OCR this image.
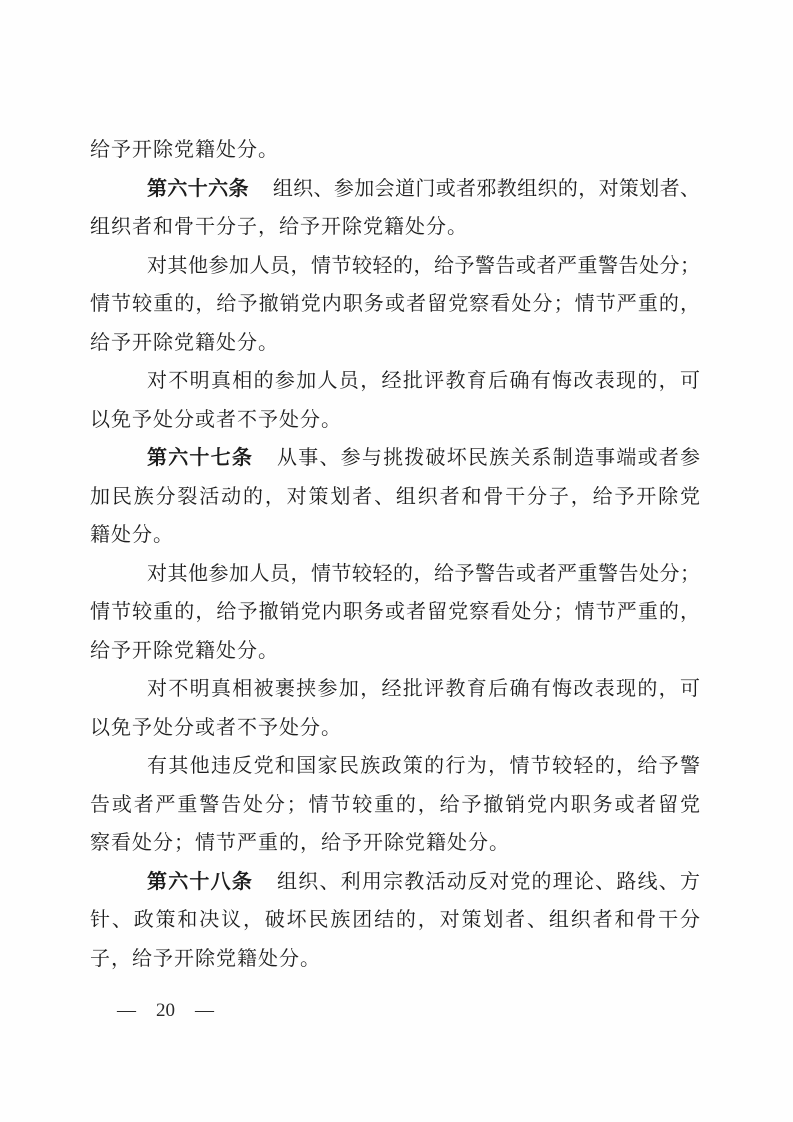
给予开除党籍处分。
第六十六条 组织、参加会道门或者邪教组织的，对策划者、
组织者和骨干分子，给予开除党籍处分。
对其他参加人员，情节较轻的，给予警告或者严重警告处分；
情节较重的，给予撤销党内职务或者留党察看处分；情节严重的，
给予开除党籍处分。
对不明真相的参加人员，经批评教育后确有悔改表现的，可
以免予处分或者不予处分。
第六十七条 从事、参与挑拨破坏民族关系制造事端或者参
加民族分裂活动的，对策划者、组织者和骨干分子，给予开除党
籍处分。
对其他参加人员，情节较轻的，给予警告或者严重警告处分；
情节较重的，给予撤销党内职务或者留党察看处分；情节严重的，
给予开除党籍处分。
对不明真相被裹挟参加，经批评教育后确有悔改表现的，可
以免予处分或者不予处分。
有其他违反党和国家民族政策的行为，情节较轻的，给予警
告或者严重警告处分；情节较重的，给予撤销党内职务或者留党
察看处分；情节严重的，给予开除党籍处分。
第六十八条 组织、利用宗教活动反对党的理论、路线、方
针、政策和决议，破坏民族团结的，对策划者、组织者和骨干分
子，给予开除党籍处分。
— 20 —
